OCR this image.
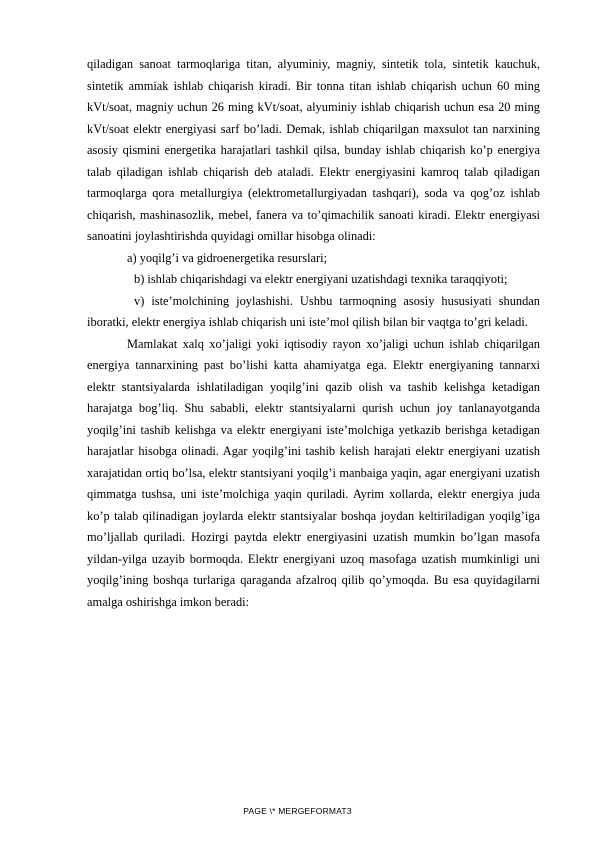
qiladigan sanoat tarmoqlariga titan, alyuminiy, magniy, sintetik tola, sintetik kauchuk, sintetik ammiak ishlab chiqarish kiradi. Bir tonna titan ishlab chiqarish uchun 60 ming kVt/soat, magniy uchun 26 ming kVt/soat, alyuminiy ishlab chiqarish uchun esa 20 ming kVt/soat elektr energiyasi sarf bo’ladi. Demak, ishlab chiqarilgan maxsulot tan narxining asosiy qismini energetika harajatlari tashkil qilsa, bunday ishlab chiqarish ko’p energiya talab qiladigan ishlab chiqarish deb ataladi. Elektr energiyasini kamroq talab qiladigan tarmoqlarga qora metallurgiya (elektrometallurgiyadan tashqari), soda va qog’oz ishlab chiqarish, mashinasozlik, mebel, fanera va to’qimachilik sanoati kiradi. Elektr energiyasi sanoatini joylashtirishda quyidagi omillar hisobga olinadi:

a) yoqilg’i va gidroenergetika resurslari;

b) ishlab chiqarishdagi va elektr energiyani uzatishdagi texnika taraqqiyoti;

v) iste’molchining joylashishi. Ushbu tarmoqning asosiy hususiyati shundan iboratki, elektr energiya ishlab chiqarish uni iste’mol qilish bilan bir vaqtga to’gri keladi.

Mamlakat xalq xo’jaligi yoki iqtisodiy rayon xo’jaligi uchun ishlab chiqarilgan energiya tannarxining past bo’lishi katta ahamiyatga ega. Elektr energiyaning tannarxi elektr stantsiyalarda ishlatiladigan yoqilg’ini qazib olish va tashib kelishga ketadigan harajatga bog’liq. Shu sababli, elektr stantsiyalarni qurish uchun joy tanlanayotganda yoqilg’ini tashib kelishga va elektr energiyani iste’molchiga yetkazib berishga ketadigan harajatlar hisobga olinadi. Agar yoqilg’ini tashib kelish harajati elektr energiyani uzatish xarajatidan ortiq bo’lsa, elektr stantsiyani yoqilg’i manbaiga yaqin, agar energiyani uzatish qimmatga tushsa, uni iste’molchiga yaqin quriladi. Ayrim xollarda, elektr energiya juda ko’p talab qilinadigan joylarda elektr stantsiyalar boshqa joydan keltiriladigan yoqilg’iga mo’ljallab quriladi. Hozirgi paytda elektr energiyasini uzatish mumkin bo’lgan masofa yildan-yilga uzayib bormoqda. Elektr energiyani uzoq masofaga uzatish mumkinligi uni yoqilg’ining boshqa turlariga qaraganda afzalroq qilib qo’ymoqda. Bu esa quyidagilarni amalga oshirishga imkon beradi:

PAGE \* MERGEFORMAT3
